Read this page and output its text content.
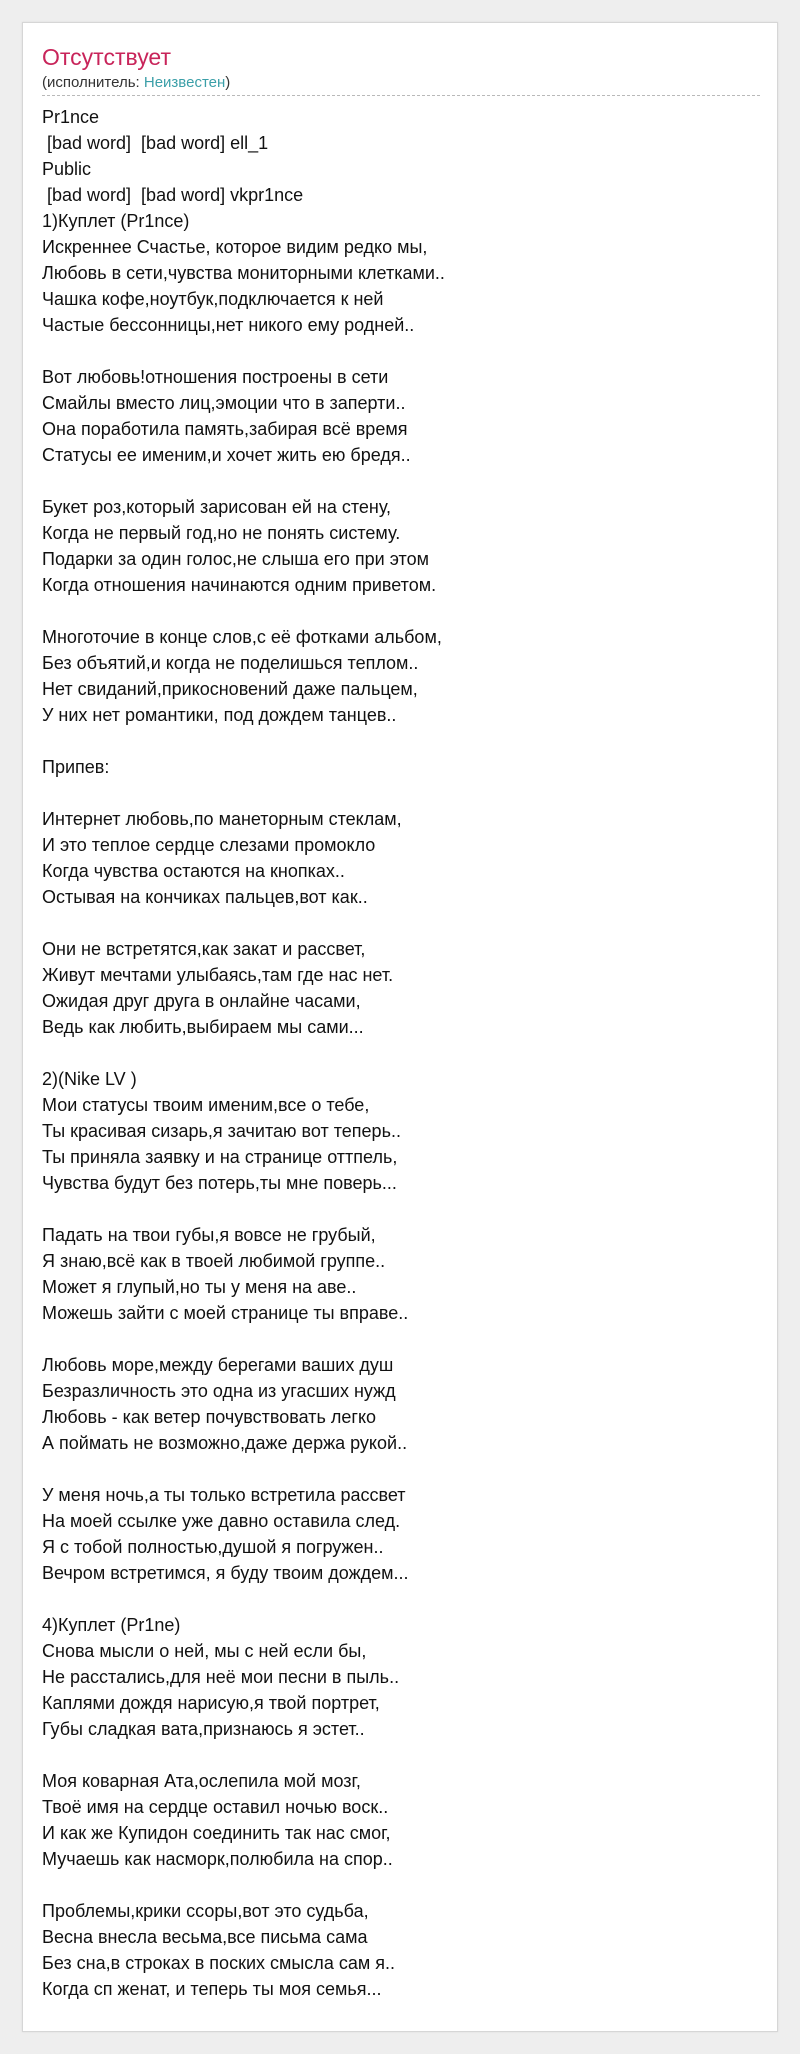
Отсутствует
(исполнитель: Неизвестен)
Pr1nce
[bad word]  [bad word] ell_1
Public
[bad word]  [bad word] vkpr1nce
1)Куплет (Pr1nce)
Искреннее Счастье, которое видим редко мы,
Любовь в сети,чувства мониторными клетками..
Чашка кофе,ноутбук,подключается к ней
Частые бессонницы,нет никого ему родней..
Вот любовь!отношения построены в сети
Смайлы вместо лиц,эмоции что в заперти..
Она поработила память,забирая всё время
Статусы ее именим,и хочет жить ею бредя..
Букет роз,который зарисован ей на стену,
Когда не первый год,но не понять систему.
Подарки за один голос,не слыша его при этом
Когда отношения начинаются одним приветом.
Многоточие в конце слов,с её фотками альбом,
Без объятий,и когда не поделишься теплом..
Нет свиданий,прикосновений даже пальцем,
У них нет романтики, под дождем танцев..
Припев:
Интернет любовь,по манеторным стеклам,
И это теплое сердце слезами промокло
Когда чувства остаются на кнопках..
Остывая на кончиках пальцев,вот как..
Они не встретятся,как закат и рассвет,
Живут мечтами улыбаясь,там где нас нет.
Ожидая друг друга в онлайне часами,
Ведь как любить,выбираем мы сами...
2)(Nike LV )
Мои статусы твоим именим,все о тебе,
Ты красивая сизарь,я зачитаю вот теперь..
Ты приняла заявку и на странице оттпель,
Чувства будут без потерь,ты мне поверь...
Падать на твои губы,я вовсе не грубый,
Я знаю,всё как в твоей любимой группе..
Может я глупый,но ты у меня на аве..
Можешь зайти с моей странице ты вправе..
Любовь море,между берегами ваших душ
Безразличность это одна из угасших нужд
Любовь - как ветер почувствовать легко
А поймать не возможно,даже держа рукой..
У меня ночь,а ты только встретила рассвет
На моей ссылке уже давно оставила след.
Я с тобой полностью,душой я погружен..
Вечром встретимся, я буду твоим дождем...
4)Куплет (Pr1ne)
Снова мысли о ней, мы с ней если бы,
Не расстались,для неё мои песни в пыль..
Каплями дождя нарисую,я твой портрет,
Губы сладкая вата,признаюсь я эстет..
Моя коварная Ата,ослепила мой мозг,
Твоё имя на сердце оставил ночью воск..
И как же Купидон соединить так нас смог,
Мучаешь как насморк,полюбила на спор..
Проблемы,крики ссоры,вот это судьба,
Весна внесла весьма,все письма сама
Без сна,в строках в поских смысла сам я..
Когда сп женат, и теперь ты моя семья...
